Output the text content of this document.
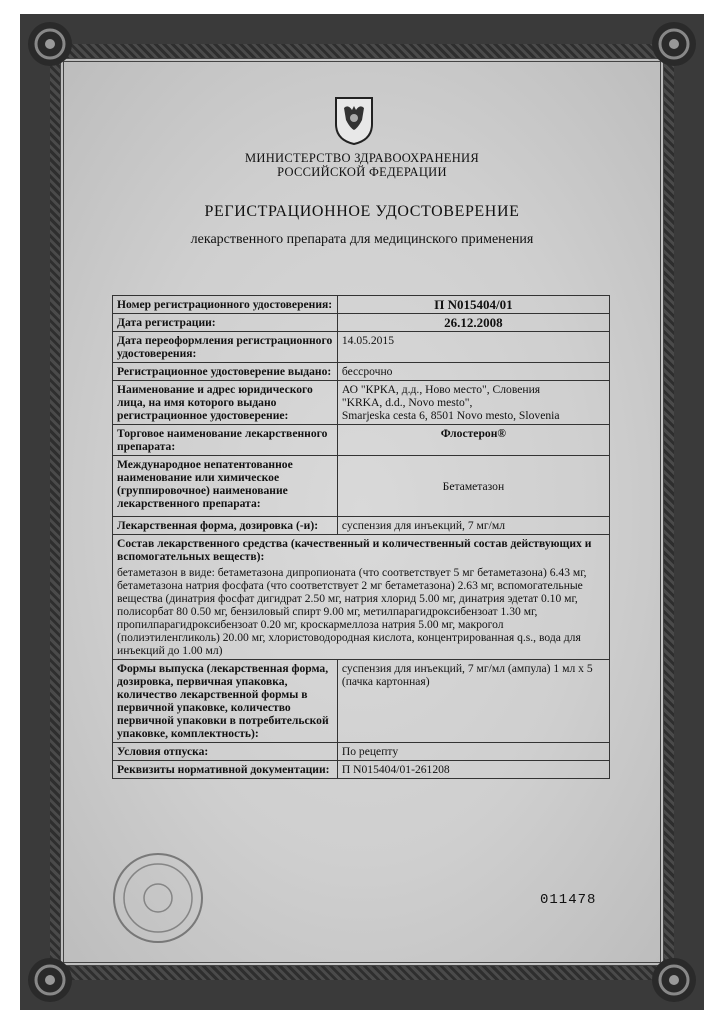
МИНИСТЕРСТВО ЗДРАВООХРАНЕНИЯ
РОССИЙСКОЙ ФЕДЕРАЦИИ
РЕГИСТРАЦИОННОЕ УДОСТОВЕРЕНИЕ
лекарственного препарата для медицинского применения
Номер регистрационного удостоверения:	П N015404/01
Дата регистрации:	26.12.2008
Дата переоформления регистрационного удостоверения:	14.05.2015
Регистрационное удостоверение выдано:	бессрочно
Наименование и адрес юридического лица, на имя которого выдано регистрационное удостоверение:	АО "КРКА, д.д., Ново место", Словения
"KRKA, d.d., Novo mesto",
Smarjeska cesta 6, 8501 Novo mesto, Slovenia

Торговое наименование лекарственного препарата:	Флостерон®
Международное непатентованное наименование или химическое (группировочное) наименование лекарственного препарата:	Бетаметазон
Лекарственная форма, дозировка (-и):	суспензия для инъекций, 7 мг/мл

Состав лекарственного средства (качественный и количественный состав действующих и вспомогательных веществ):
бетаметазон в виде: бетаметазона дипропионата (что соответствует 5 мг бетаметазона) 6.43 мг, бетаметазона натрия фосфата (что соответствует 2 мг бетаметазона) 2.63 мг, вспомогательные вещества (динатрия фосфат дигидрат 2.50 мг, натрия хлорид 5.00 мг, динатрия эдетат 0.10 мг, полисорбат 80 0.50 мг, бензиловый спирт 9.00 мг, метилпарагидроксибензоат 1.30 мг, пропилпарагидроксибензоат 0.20 мг, кроскармеллоза натрия 5.00 мг, макрогол (полиэтиленгликоль) 20.00 мг, хлористоводородная кислота, концентрированная q.s., вода для инъекций до 1.00 мл)	

Формы выпуска (лекарственная форма, дозировка, первичная упаковка, количество лекарственной формы в первичной упаковке, количество первичной упаковки в потребительской упаковке, комплектность):	суспензия для инъекций, 7 мг/мл (ампула) 1 мл х 5 (пачка картонная)
Условия отпуска:	По рецепту
Реквизиты нормативной документации:	П N015404/01-261208
011478
